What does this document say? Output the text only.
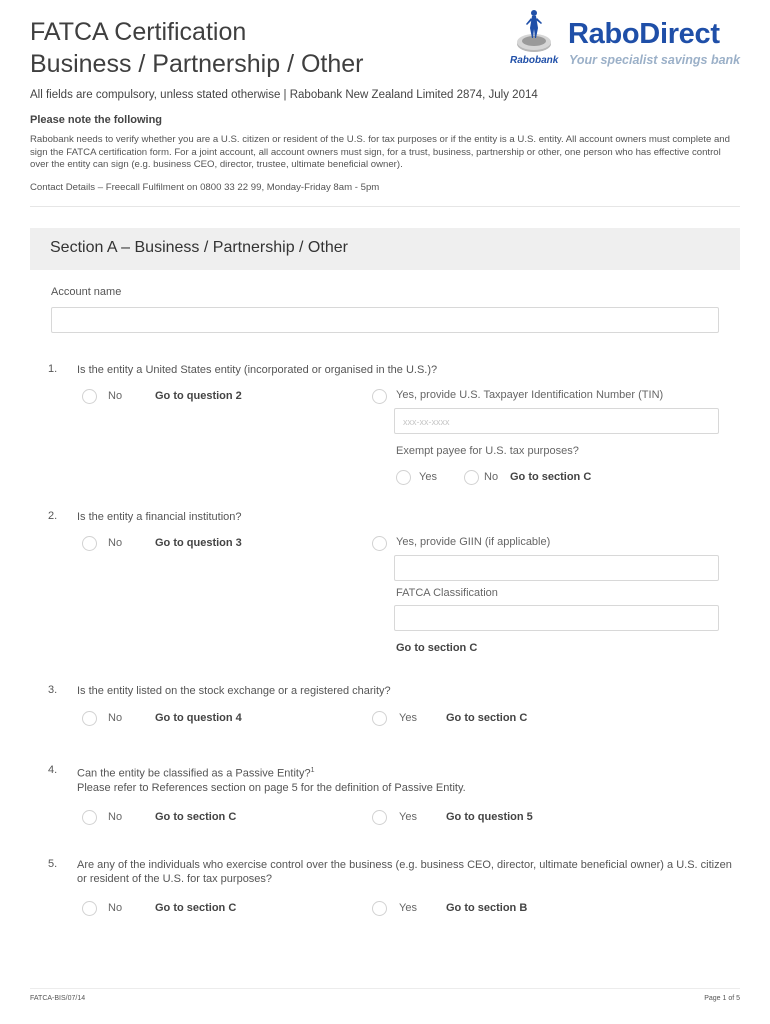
FATCA Certification
Business / Partnership / Other
RaboDirect
Rabobank Your specialist savings bank
All fields are compulsory, unless stated otherwise | Rabobank New Zealand Limited 2874, July 2014
Please note the following
Rabobank needs to verify whether you are a U.S. citizen or resident of the U.S. for tax purposes or if the entity is a U.S. entity. All account owners must complete and sign the FATCA certification form. For a joint account, all account owners must sign, for a trust, business, partnership or other, one person who has effective control over the entity can sign (e.g. business CEO, director, trustee, ultimate beneficial owner).
Contact Details – Freecall Fulfilment on 0800 33 22 99, Monday-Friday 8am - 5pm
Section A – Business / Partnership / Other
Account name
1. Is the entity a United States entity (incorporated or organised in the U.S.)?
No	Go to question 2	Yes, provide U.S. Taxpayer Identification Number (TIN)
xxx-xx-xxxx
Exempt payee for U.S. tax purposes?
Yes	No Go to section C
2. Is the entity a financial institution?
No	Go to question 3	Yes, provide GIIN (if applicable)
FATCA Classification
Go to section C
3. Is the entity listed on the stock exchange or a registered charity?
No	Go to question 4	Yes	Go to section C
4. Can the entity be classified as a Passive Entity?$^1$
Please refer to References section on page 5 for the definition of Passive Entity.
No	Go to section C	Yes	Go to question 5
5. Are any of the individuals who exercise control over the business (e.g. business CEO, director, ultimate beneficial owner) a U.S. citizen or resident of the U.S. for tax purposes?
No	Go to section C	Yes	Go to section B
FATCA-BIS/07/14	Page 1 of 5
